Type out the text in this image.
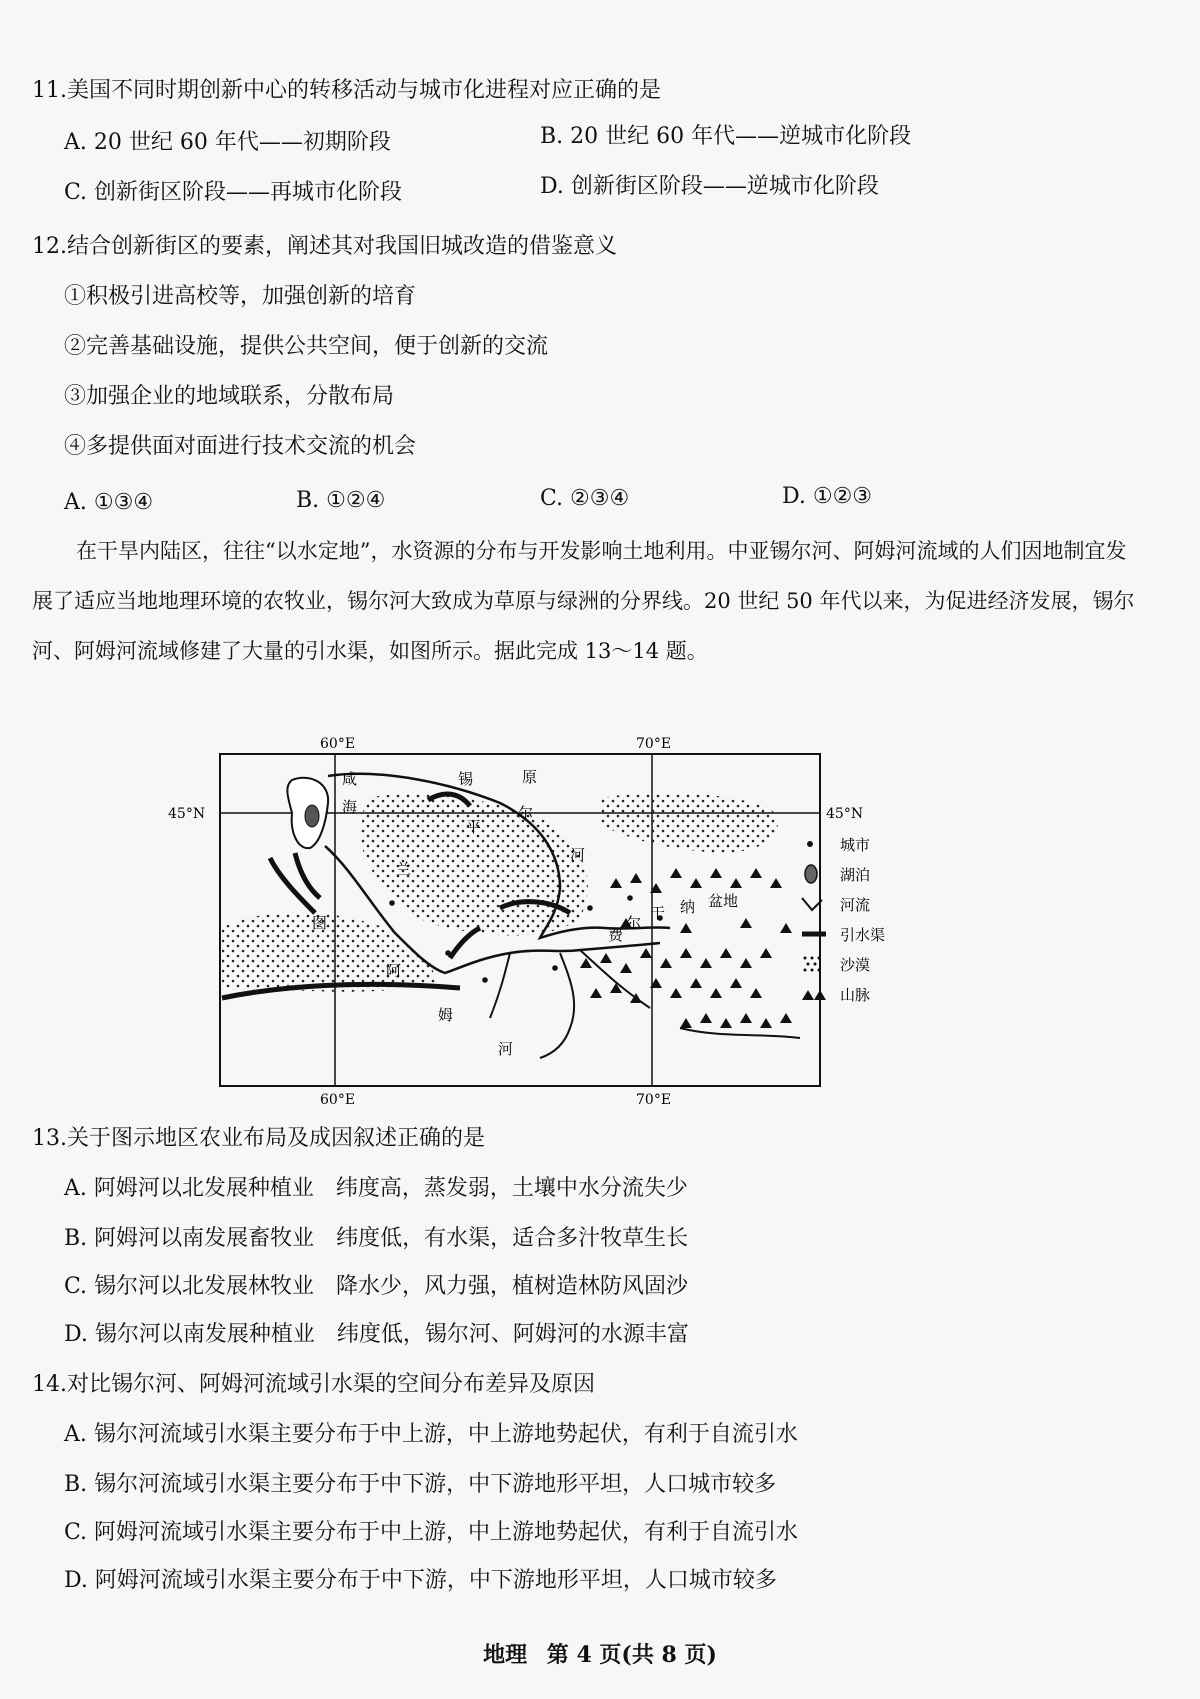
11.美国不同时期创新中心的转移活动与城市化进程对应正确的是
A. 20 世纪 60 年代——初期阶段	B. 20 世纪 60 年代——逆城市化阶段
C. 创新街区阶段——再城市化阶段	D. 创新街区阶段——逆城市化阶段
12.结合创新街区的要素，阐述其对我国旧城改造的借鉴意义
①积极引进高校等，加强创新的培育
②完善基础设施，提供公共空间，便于创新的交流
③加强企业的地域联系，分散布局
④多提供面对面进行技术交流的机会
A. ①③④	B. ①②④	C. ②③④	D. ①②③
在干旱内陆区，往往“以水定地”，水资源的分布与开发影响土地利用。中亚锡尔河、阿姆河流域的人们因地制宜发展了适应当地地理环境的农牧业，锡尔河大致成为草原与绿洲的分界线。20 世纪 50 年代以来，为促进经济发展，锡尔河、阿姆河流域修建了大量的引水渠，如图所示。据此完成 13～14 题。
60°E	70°E
60°E	70°E
45°N	45°N
咸
海
锡	原
尔
平
河
兰
图
阿
姆
河
费
尔
干 纳 盆地
城市
湖泊
河流
引水渠
沙漠
山脉
13.关于图示地区农业布局及成因叙述正确的是
A. 阿姆河以北发展种植业　纬度高，蒸发弱，土壤中水分流失少
B. 阿姆河以南发展畜牧业　纬度低，有水渠，适合多汁牧草生长
C. 锡尔河以北发展林牧业　降水少，风力强，植树造林防风固沙
D. 锡尔河以南发展种植业　纬度低，锡尔河、阿姆河的水源丰富
14.对比锡尔河、阿姆河流域引水渠的空间分布差异及原因
A. 锡尔河流域引水渠主要分布于中上游，中上游地势起伏，有利于自流引水
B. 锡尔河流域引水渠主要分布于中下游，中下游地形平坦，人口城市较多
C. 阿姆河流域引水渠主要分布于中上游，中上游地势起伏，有利于自流引水
D. 阿姆河流域引水渠主要分布于中下游，中下游地形平坦，人口城市较多
地理 第 4 页(共 8 页)
